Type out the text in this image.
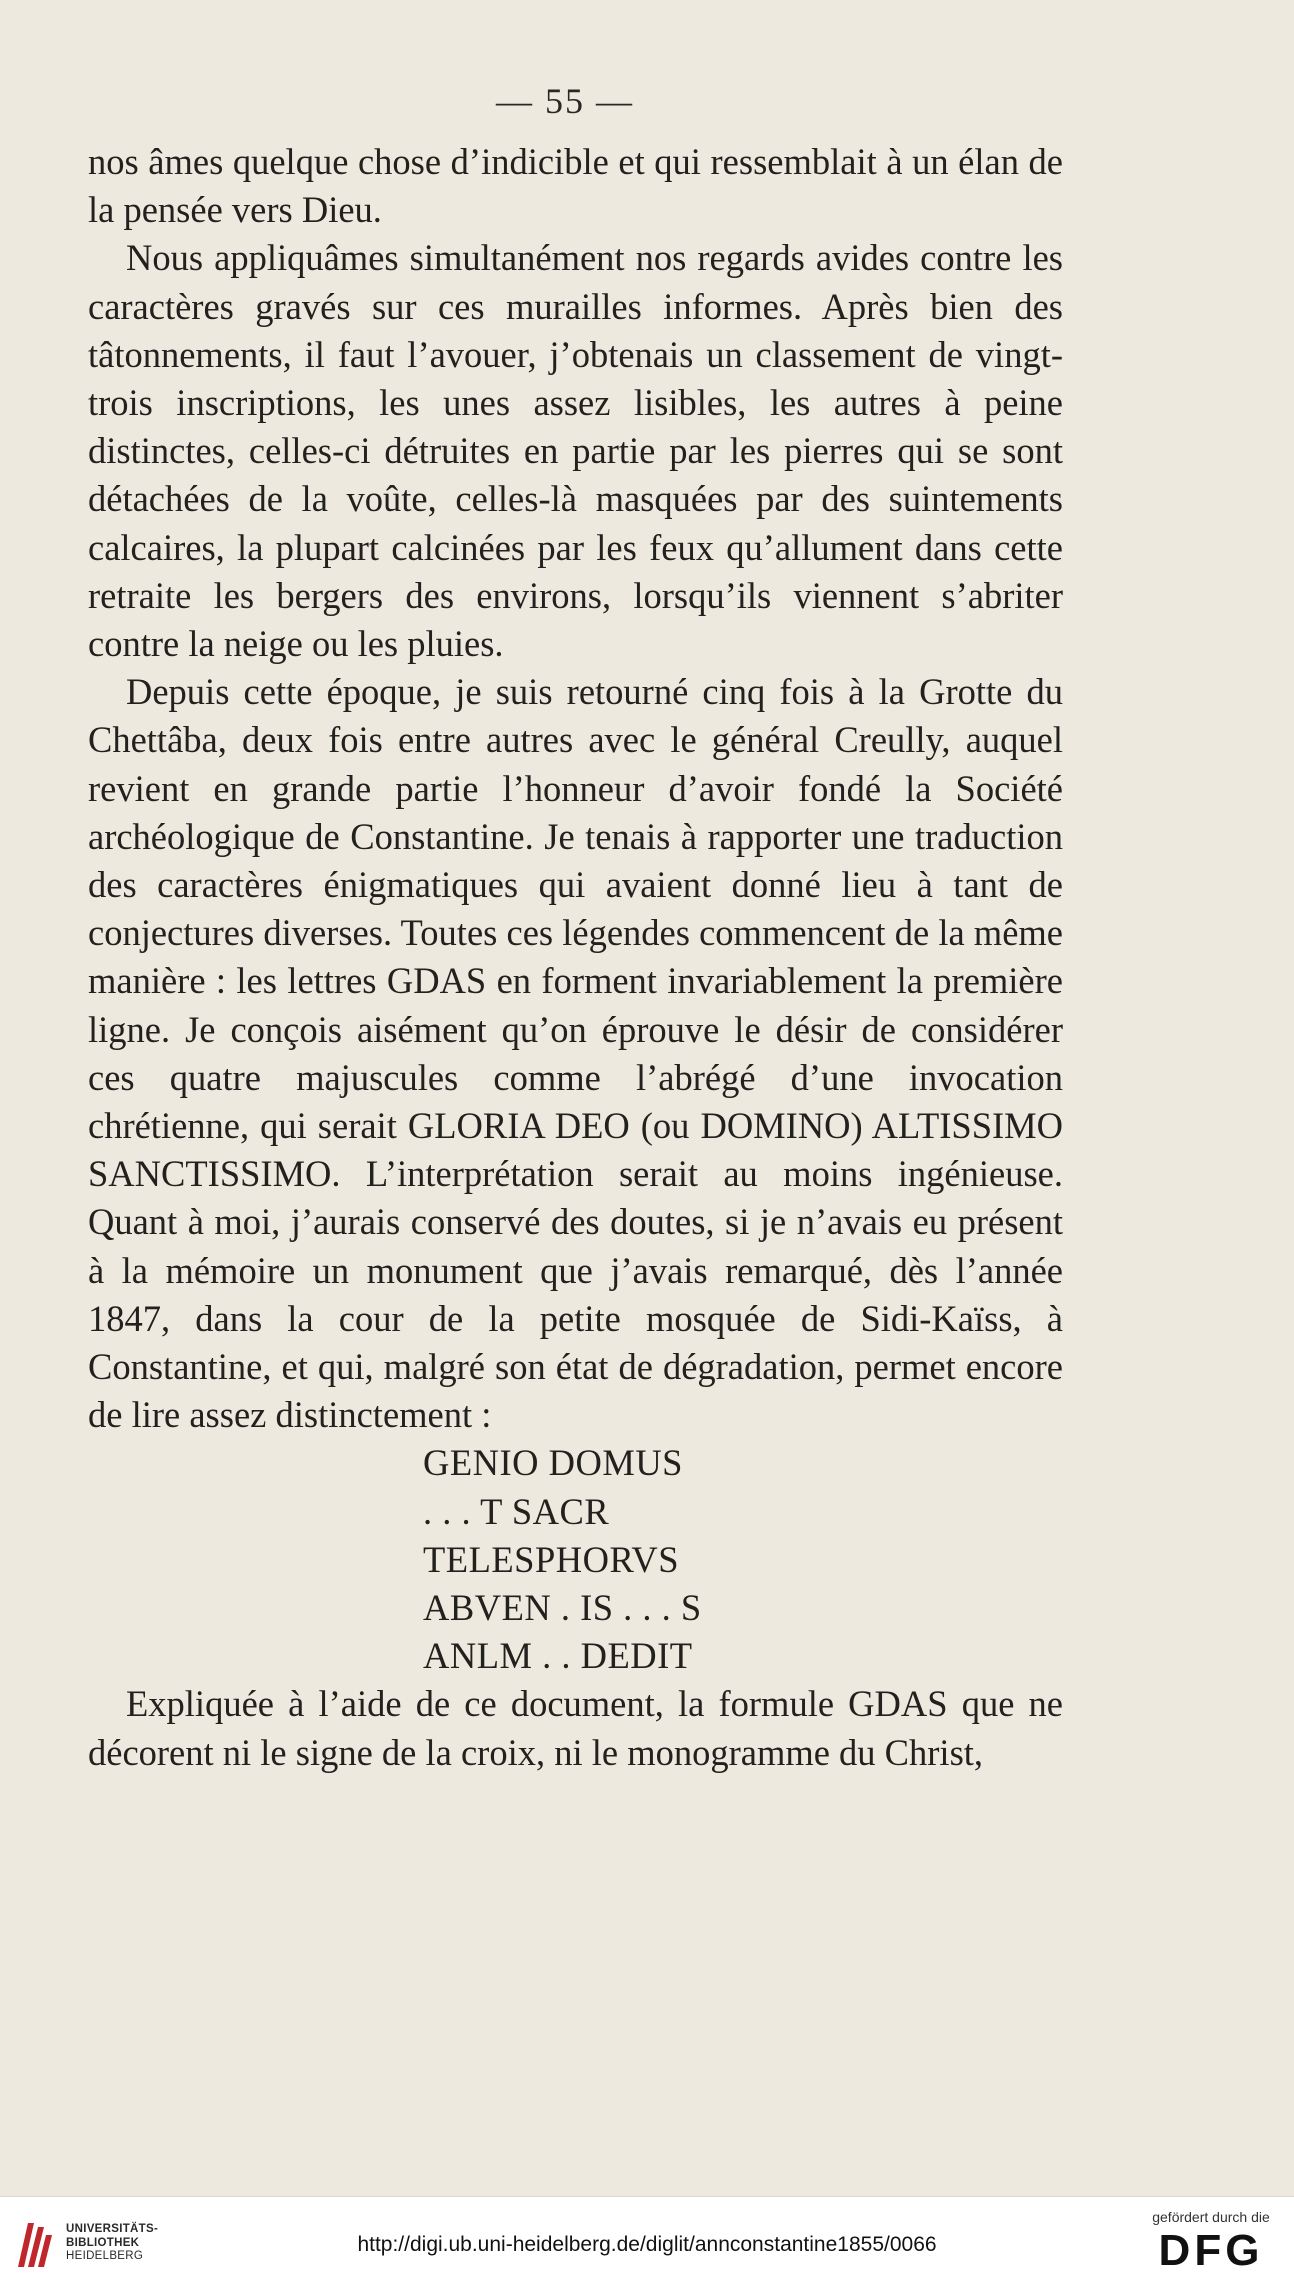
— 55 —

nos âmes quelque chose d’indicible et qui ressemblait à un élan de la pensée vers Dieu.

Nous appliquâmes simultanément nos regards avides contre les caractères gravés sur ces murailles informes. Après bien des tâtonnements, il faut l’avouer, j’obtenais un classement de vingt-trois inscriptions, les unes assez lisibles, les autres à peine distinctes, celles-ci détruites en partie par les pierres qui se sont détachées de la voûte, celles-là masquées par des suintements calcaires, la plupart calcinées par les feux qu’allument dans cette retraite les bergers des environs, lorsqu’ils viennent s’abriter contre la neige ou les pluies.

Depuis cette époque, je suis retourné cinq fois à la Grotte du Chettâba, deux fois entre autres avec le général Creully, auquel revient en grande partie l’honneur d’avoir fondé la Société archéologique de Constantine. Je tenais à rapporter une traduction des caractères énigmatiques qui avaient donné lieu à tant de conjectures diverses. Toutes ces légendes commencent de la même manière : les lettres GDAS en forment invariablement la première ligne. Je conçois aisément qu’on éprouve le désir de considérer ces quatre majuscules comme l’abrégé d’une invocation chrétienne, qui serait GLORIA DEO (ou DOMINO) ALTISSIMO SANCTISSIMO. L’interprétation serait au moins ingénieuse. Quant à moi, j’aurais conservé des doutes, si je n’avais eu présent à la mémoire un monument que j’avais remarqué, dès l’année 1847, dans la cour de la petite mosquée de Sidi-Kaïss, à Constantine, et qui, malgré son état de dégradation, permet encore de lire assez distinctement :

GENIO DOMUS
. . . T SACR
TELESPHORVS
ABVEN . IS . . . S
ANLM . . DEDIT

Expliquée à l’aide de ce document, la formule GDAS que ne décorent ni le signe de la croix, ni le monogramme du Christ,

UNIVERSITÄTS-
BIBLIOTHEK
HEIDELBERG	http://digi.ub.uni-heidelberg.de/diglit/annconstantine1855/0066
gefördert durch die
DFG
